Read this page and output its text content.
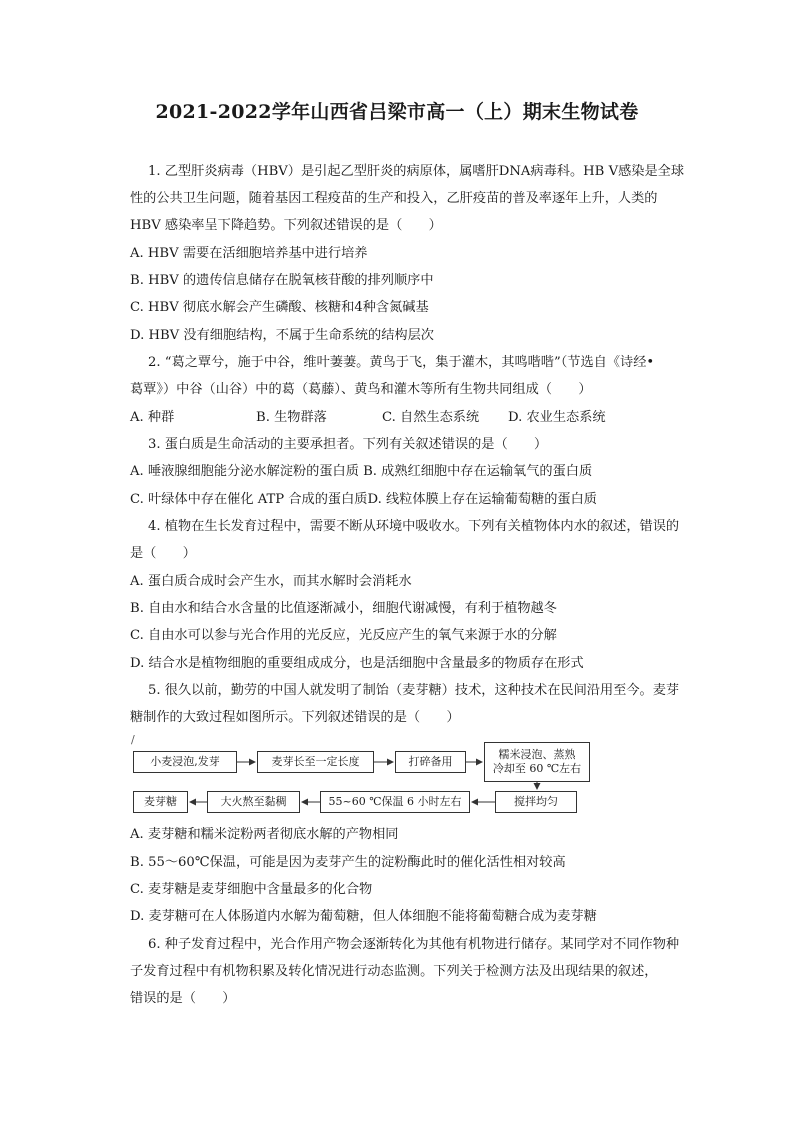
2021-2022学年山西省吕梁市高一（上）期末生物试卷
1. 乙型肝炎病毒（HBV）是引起乙型肝炎的病原体，属嗜肝DNA病毒科。HB V感染是全球
性的公共卫生问题，随着基因工程疫苗的生产和投入，乙肝疫苗的普及率逐年上升，人类的
HBV 感染率呈下降趋势。下列叙述错误的是（　　）
A. HBV 需要在活细胞培养基中进行培养
B. HBV 的遗传信息储存在脱氧核苷酸的排列顺序中
C. HBV 彻底水解会产生磷酸、核糖和4种含氮碱基
D. HBV 没有细胞结构，不属于生命系统的结构层次
2. “葛之覃兮，施于中谷，维叶萋萋。黄鸟于飞，集于灌木，其鸣喈喈”（节选自《诗经•
葛覃》）中谷（山谷）中的葛（葛藤）、黄鸟和灌木等所有生物共同组成（　　）
A. 种群	B. 生物群落	C. 自然生态系统 D. 农业生态系统
3. 蛋白质是生命活动的主要承担者。下列有关叙述错误的是（　　）
A. 唾液腺细胞能分泌水解淀粉的蛋白质 B. 成熟红细胞中存在运输氧气的蛋白质
C. 叶绿体中存在催化 ATP 合成的蛋白质D. 线粒体膜上存在运输葡萄糖的蛋白质
4. 植物在生长发育过程中，需要不断从环境中吸收水。下列有关植物体内水的叙述，错误的
是（　　）
A. 蛋白质合成时会产生水，而其水解时会消耗水
B. 自由水和结合水含量的比值逐渐减小，细胞代谢减慢，有利于植物越冬
C. 自由水可以参与光合作用的光反应，光反应产生的氧气来源于水的分解
D. 结合水是植物细胞的重要组成成分，也是活细胞中含量最多的物质存在形式
5. 很久以前，勤劳的中国人就发明了制饴（麦芽糖）技术，这种技术在民间沿用至今。麦芽
糖制作的大致过程如图所示。下列叙述错误的是（　　）
/
小麦浸泡,发芽	麦芽长至一定长度	打碎备用
糯米浸泡、蒸熟
冷却至 60 ℃左右
麦芽糖	大火熬至黏稠	55~60 ℃保温 6 小时左右	搅拌均匀
A. 麦芽糖和糯米淀粉两者彻底水解的产物相同
B. 55～60℃保温，可能是因为麦芽产生的淀粉酶此时的催化活性相对较高
C. 麦芽糖是麦芽细胞中含量最多的化合物
D. 麦芽糖可在人体肠道内水解为葡萄糖，但人体细胞不能将葡萄糖合成为麦芽糖
6. 种子发育过程中，光合作用产物会逐渐转化为其他有机物进行储存。某同学对不同作物种
子发育过程中有机物积累及转化情况进行动态监测。下列关于检测方法及出现结果的叙述，
错误的是（　　）
